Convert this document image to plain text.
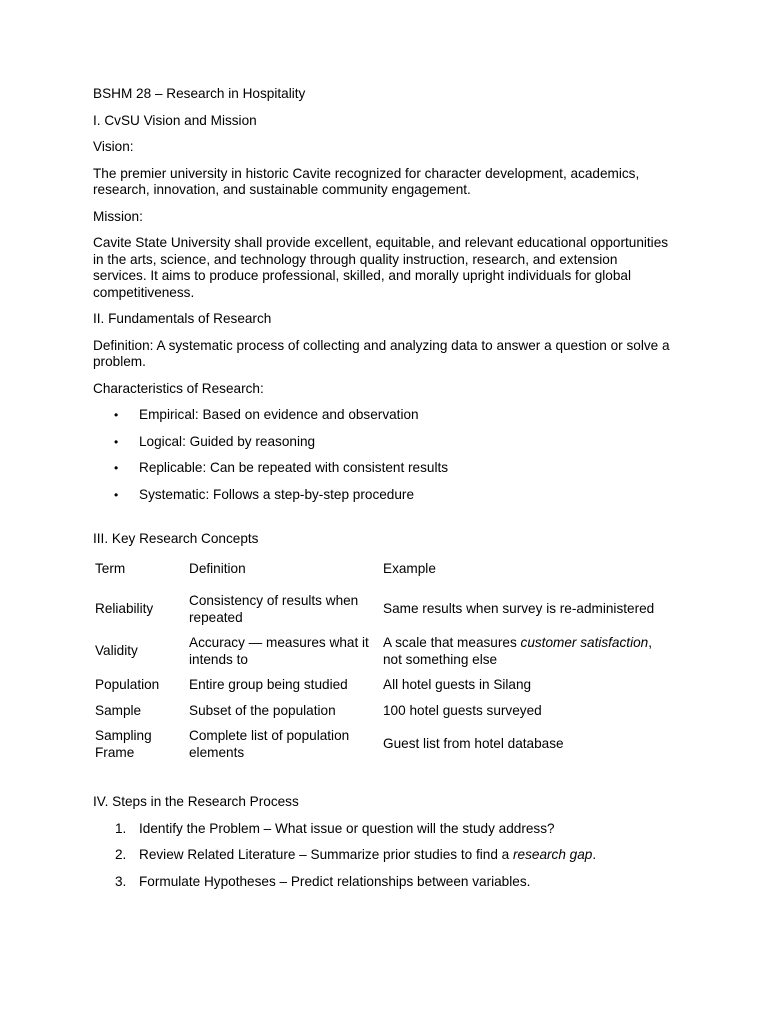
BSHM 28 – Research in Hospitality

I. CvSU Vision and Mission

Vision:

The premier university in historic Cavite recognized for character development, academics, research, innovation, and sustainable community engagement.

Mission:

Cavite State University shall provide excellent, equitable, and relevant educational opportunities in the arts, science, and technology through quality instruction, research, and extension services. It aims to produce professional, skilled, and morally upright individuals for global competitiveness.

II. Fundamentals of Research

Definition: A systematic process of collecting and analyzing data to answer a question or solve a problem.

Characteristics of Research:

• Empirical: Based on evidence and observation
• Logical: Guided by reasoning
• Replicable: Can be repeated with consistent results
• Systematic: Follows a step-by-step procedure

III. Key Research Concepts

Term	Definition	Example
Reliability	Consistency of results when repeated	Same results when survey is re-administered
Validity	Accuracy — measures what it intends to	A scale that measures customer satisfaction, not something else
Population	Entire group being studied	All hotel guests in Silang
Sample	Subset of the population	100 hotel guests surveyed
Sampling Frame	Complete list of population elements	Guest list from hotel database

IV. Steps in the Research Process

1. Identify the Problem – What issue or question will the study address?
2. Review Related Literature – Summarize prior studies to find a research gap.
3. Formulate Hypotheses – Predict relationships between variables.
